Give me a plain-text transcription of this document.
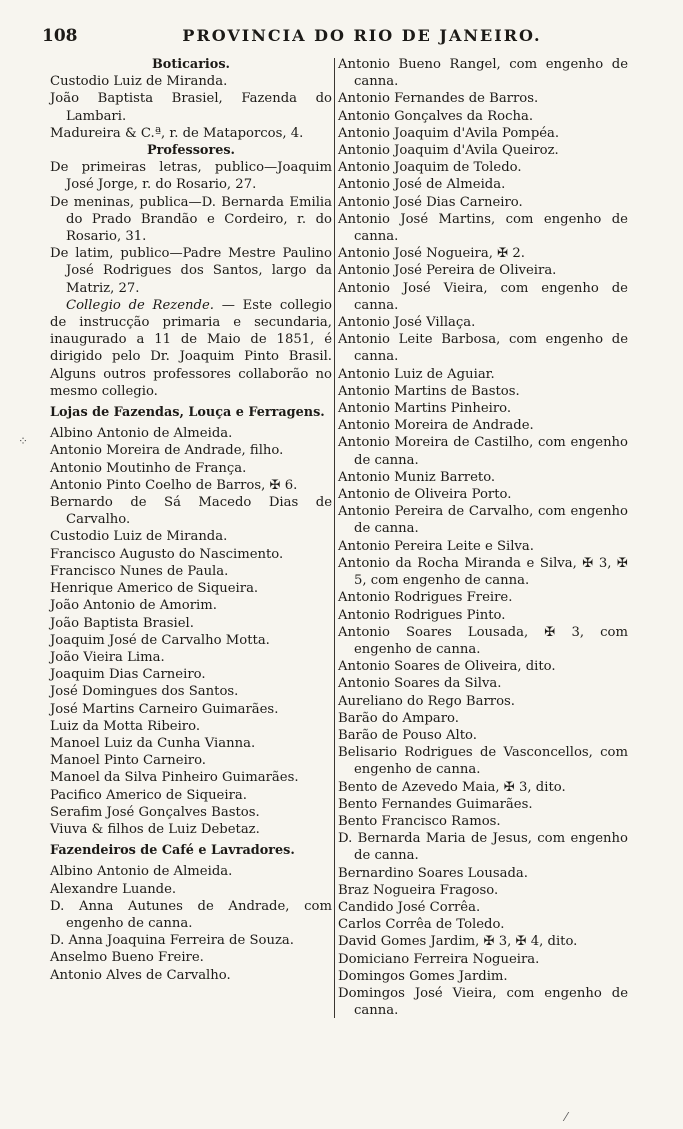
108	PROVINCIA DO RIO DE JANEIRO.
⁘
⁄

Boticarios.

Custodio Luiz de Miranda.

João Baptista Brasiel, Fazenda do Lambari.

Madureira & C.ª, r. de Mataporcos, 4.

Professores.

De primeiras letras, publico—Joaquim José Jorge, r. do Rosario, 27.

De meninas, publica—D. Bernarda Emilia do Prado Brandão e Cordeiro, r. do Rosario, 31.

De latim, publico—Padre Mestre Paulino José Rodrigues dos Santos, largo da Matriz, 27.

Collegio de Rezende. — Este collegio de instrucção primaria e secundaria, inaugurado a 11 de Maio de 1851, é dirigido pelo Dr. Joaquim Pinto Brasil. Alguns outros professores collaborão no mesmo collegio.

Lojas de Fazendas, Louça e Ferragens.

Albino Antonio de Almeida.

Antonio Moreira de Andrade, filho.

Antonio Moutinho de França.

Antonio Pinto Coelho de Barros, ✠ 6.

Bernardo de Sá Macedo Dias de Carvalho.

Custodio Luiz de Miranda.

Francisco Augusto do Nascimento.

Francisco Nunes de Paula.

Henrique Americo de Siqueira.

João Antonio de Amorim.

João Baptista Brasiel.

Joaquim José de Carvalho Motta.

João Vieira Lima.

Joaquim Dias Carneiro.

José Domingues dos Santos.

José Martins Carneiro Guimarães.

Luiz da Motta Ribeiro.

Manoel Luiz da Cunha Vianna.

Manoel Pinto Carneiro.

Manoel da Silva Pinheiro Guimarães.

Pacifico Americo de Siqueira.

Serafim José Gonçalves Bastos.

Viuva & filhos de Luiz Debetaz.

Fazendeiros de Café e Lavradores.

Albino Antonio de Almeida.

Alexandre Luande.

D. Anna Autunes de Andrade, com engenho de canna.

D. Anna Joaquina Ferreira de Souza.

Anselmo Bueno Freire.

Antonio Alves de Carvalho.

Antonio Bueno Rangel, com engenho de canna.

Antonio Fernandes de Barros.

Antonio Gonçalves da Rocha.

Antonio Joaquim d'Avila Pompéa.

Antonio Joaquim d'Avila Queiroz.

Antonio Joaquim de Toledo.

Antonio José de Almeida.

Antonio José Dias Carneiro.

Antonio José Martins, com engenho de canna.

Antonio José Nogueira, ✠ 2.

Antonio José Pereira de Oliveira.

Antonio José Vieira, com engenho de canna.

Antonio José Villaça.

Antonio Leite Barbosa, com engenho de canna.

Antonio Luiz de Aguiar.

Antonio Martins de Bastos.

Antonio Martins Pinheiro.

Antonio Moreira de Andrade.

Antonio Moreira de Castilho, com engenho de canna.

Antonio Muniz Barreto.

Antonio de Oliveira Porto.

Antonio Pereira de Carvalho, com engenho de canna.

Antonio Pereira Leite e Silva.

Antonio da Rocha Miranda e Silva, ✠ 3, ✠ 5, com engenho de canna.

Antonio Rodrigues Freire.

Antonio Rodrigues Pinto.

Antonio Soares Lousada, ✠ 3, com engenho de canna.

Antonio Soares de Oliveira, dito.

Antonio Soares da Silva.

Aureliano do Rego Barros.

Barão do Amparo.

Barão de Pouso Alto.

Belisario Rodrigues de Vasconcellos, com engenho de canna.

Bento de Azevedo Maia, ✠ 3, dito.

Bento Fernandes Guimarães.

Bento Francisco Ramos.

D. Bernarda Maria de Jesus, com engenho de canna.

Bernardino Soares Lousada.

Braz Nogueira Fragoso.

Candido José Corrêa.

Carlos Corrêa de Toledo.

David Gomes Jardim, ✠ 3, ✠ 4, dito.

Domiciano Ferreira Nogueira.

Domingos Gomes Jardim.

Domingos José Vieira, com engenho de canna.
